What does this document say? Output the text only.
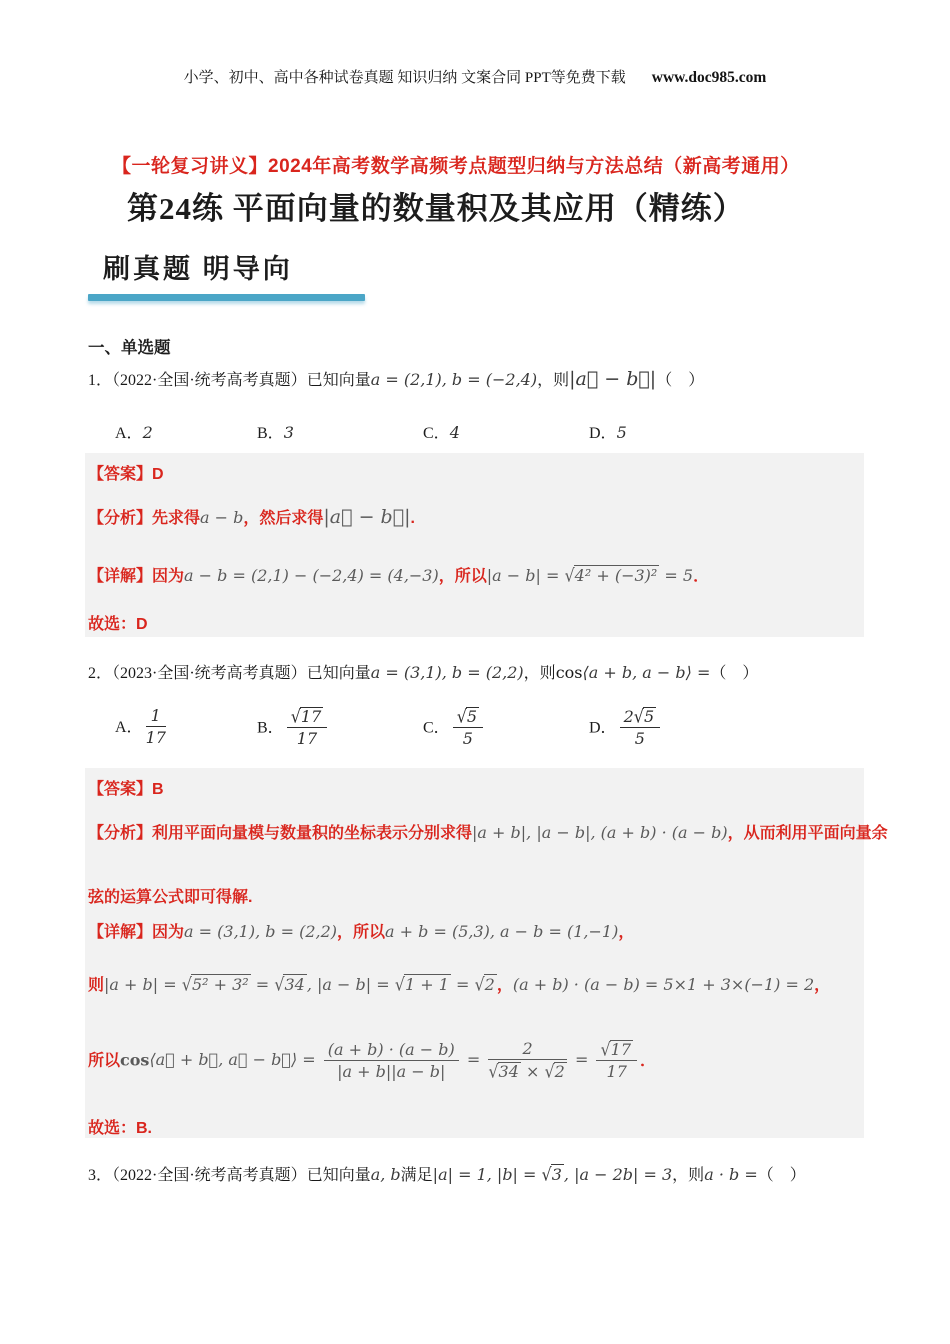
小学、初中、高中各种试卷真题 知识归纳 文案合同 PPT等免费下载 www.doc985.com
【一轮复习讲义】2024年高考数学高频考点题型归纳与方法总结（新高考通用）
第24练 平面向量的数量积及其应用（精练）
刷真题 明导向
一、单选题
1．（2022·全国·统考高考真题）已知向量a = (2,1), b = (−2,4)，则|a⃗ − b⃗|（　）
A．2	B．3	C．4	D．5
【答案】D
【分析】先求得a − b，然后求得|a⃗ − b⃗|.
【详解】因为a − b = (2,1) − (−2,4) = (4,−3)，所以|a − b| = √4² + (−3)² = 5．
故选：D
2．（2023·全国·统考高考真题）已知向量a = (3,1), b = (2,2)，则cos⟨a + b, a − b⟩ =（　）
A． $\frac{1}{17}$	B． $\frac{√17}{17}$	C． $\frac{√5}{5}$	D． $\frac{2√5}{5}$
【答案】B
【分析】利用平面向量模与数量积的坐标表示分别求得|a + b|, |a − b|, (a + b) · (a − b)，从而利用平面向量余
弦的运算公式即可得解.
【详解】因为a = (3,1), b = (2,2)，所以a + b = (5,3), a − b = (1,−1)，
则|a + b| = √5² + 3² = √34 , |a − b| = √1 + 1 = √2 ，(a + b) · (a − b) = 5×1 + 3×(−1) = 2，
所以cos⟨a⃗ + b⃗, a⃗ − b⃗⟩ = $\frac{(a + b) \cdot (a - b)}{|a + b||a - b|} = \frac{2}{√34 \times √2} = \frac{√17}{17}$ ．
故选：B.
3．（2022·全国·统考高考真题）已知向量a, b满足|a| = 1, |b| = √3 , |a − 2b| = 3，则a · b =（　）
